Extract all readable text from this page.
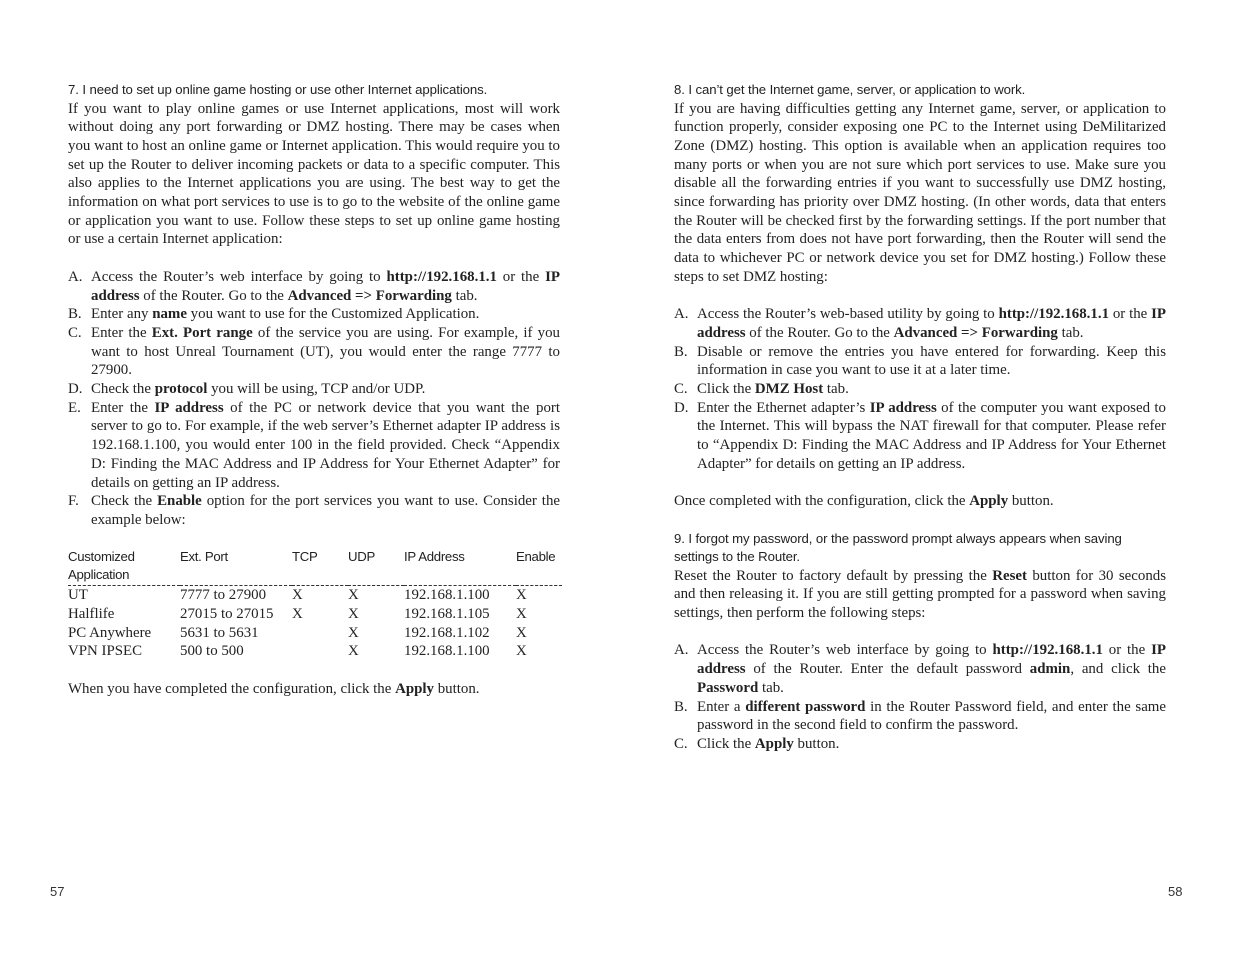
7. I need to set up online game hosting or use other Internet applications.

If you want to play online games or use Internet applications, most will work without doing any port forwarding or DMZ hosting. There may be cases when you want to host an online game or Internet application. This would require you to set up the Router to deliver incoming packets or data to a specific computer. This also applies to the Internet applications you are using. The best way to get the information on what port services to use is to go to the website of the online game or application you want to use. Follow these steps to set up online game hosting or use a certain Internet application:

A. Access the Router’s web interface by going to http://192.168.1.1 or the IP address of the Router. Go to the Advanced => Forwarding tab.
B. Enter any name you want to use for the Customized Application.
C. Enter the Ext. Port range of the service you are using. For example, if you want to host Unreal Tournament (UT), you would enter the range 7777 to 27900.
D. Check the protocol you will be using, TCP and/or UDP.
E. Enter the IP address of the PC or network device that you want the port server to go to. For example, if the web server’s Ethernet adapter IP address is 192.168.1.100, you would enter 100 in the field provided. Check “Appendix D: Finding the MAC Address and IP Address for Your Ethernet Adapter” for details on getting an IP address.
F. Check the Enable option for the port services you want to use. Consider the example below:
Customized
Application	Ext. Port	TCP	UDP	IP Address	Enable
UT	7777 to 27900	X	X	192.168.1.100	X
Halflife	27015 to 27015	X	X	192.168.1.105	X
PC Anywhere	5631 to 5631		X	192.168.1.102	X
VPN IPSEC	500 to 500		X	192.168.1.100	X

When you have completed the configuration, click the Apply button.

8. I can’t get the Internet game, server, or application to work.

If you are having difficulties getting any Internet game, server, or application to function properly, consider exposing one PC to the Internet using DeMilitarized Zone (DMZ) hosting. This option is available when an application requires too many ports or when you are not sure which port services to use. Make sure you disable all the forwarding entries if you want to successfully use DMZ hosting, since forwarding has priority over DMZ hosting. (In other words, data that enters the Router will be checked first by the forwarding settings. If the port number that the data enters from does not have port forwarding, then the Router will send the data to whichever PC or network device you set for DMZ hosting.) Follow these steps to set DMZ hosting:

A. Access the Router’s web-based utility by going to http://192.168.1.1 or the IP address of the Router. Go to the Advanced => Forwarding tab.
B. Disable or remove the entries you have entered for forwarding. Keep this information in case you want to use it at a later time.
C. Click the DMZ Host tab.
D. Enter the Ethernet adapter’s IP address of the computer you want exposed to the Internet. This will bypass the NAT firewall for that computer. Please refer to “Appendix D: Finding the MAC Address and IP Address for Your Ethernet Adapter” for details on getting an IP address.

Once completed with the configuration, click the Apply button.

9. I forgot my password, or the password prompt always appears when saving settings to the Router.

Reset the Router to factory default by pressing the Reset button for 30 seconds and then releasing it. If you are still getting prompted for a password when saving settings, then perform the following steps:

A. Access the Router’s web interface by going to http://192.168.1.1 or the IP address of the Router. Enter the default password admin, and click the Password tab.
B. Enter a different password in the Router Password field, and enter the same password in the second field to confirm the password.
C. Click the Apply button.
57	58
